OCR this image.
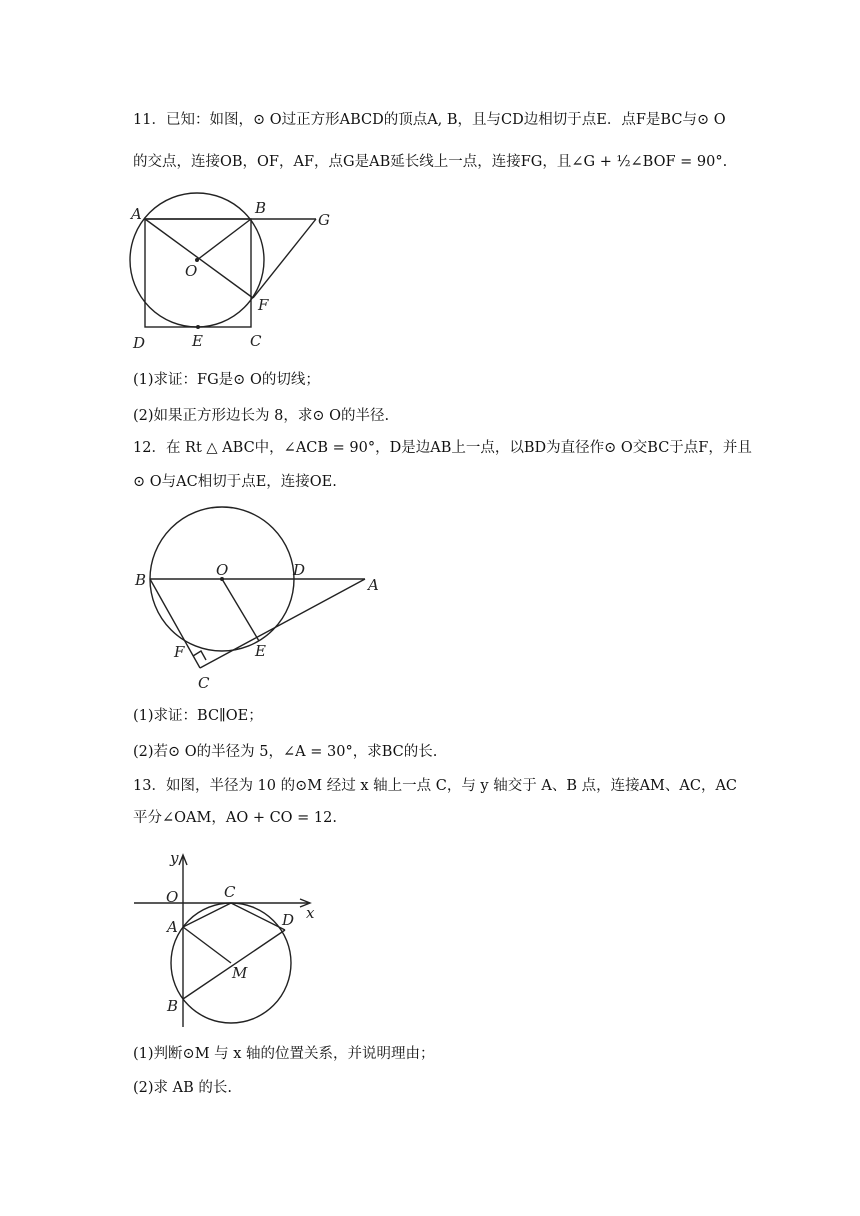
11．已知：如图，⊙ O过正方形ABCD的顶点A, B，且与CD边相切于点E．点F是BC与⊙ O
的交点，连接OB，OF，AF，点G是AB延长线上一点，连接FG，且∠G + ½∠BOF = 90°.
A	B
G
O
F
D	E	C
(1)求证：FG是⊙ O的切线；
(2)如果正方形边长为 8，求⊙ O的半径.
12．在 Rt △ ABC中，∠ACB = 90°，D是边AB上一点，以BD为直径作⊙ O交BC于点F，并且
⊙ O与AC相切于点E，连接OE.
B
O	D
A
F	E
C
(1)求证：BC∥OE；
(2)若⊙ O的半径为 5，∠A = 30°，求BC的长.
13．如图，半径为 10 的⊙M 经过 x 轴上一点 C，与 y 轴交于 A、B 点，连接AM、AC，AC
平分∠OAM，AO + CO = 12.
y
x
O	C
A	D
M
B
(1)判断⊙M 与 x 轴的位置关系，并说明理由；
(2)求 AB 的长.
